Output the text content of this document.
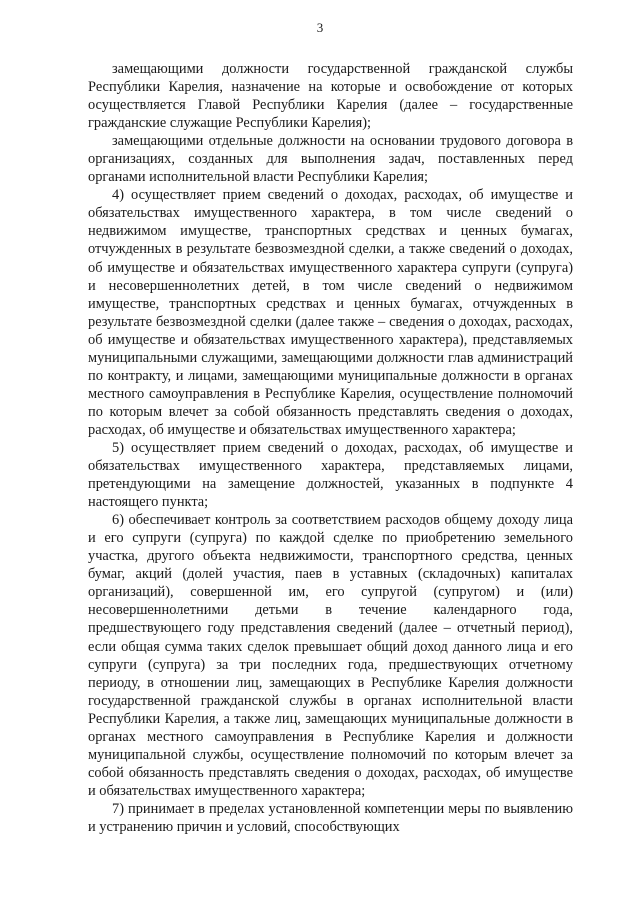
3

замещающими должности государственной гражданской службы Республики Карелия, назначение на которые и освобождение от которых осуществляется Главой Республики Карелия (далее – государственные гражданские служащие Республики Карелия);

замещающими отдельные должности на основании трудового договора в организациях, созданных для выполнения задач, поставленных перед органами исполнительной власти Республики Карелия;

4) осуществляет прием сведений о доходах, расходах, об имуществе и обязательствах имущественного характера, в том числе сведений о недвижимом имуществе, транспортных средствах и ценных бумагах, отчужденных в результате безвозмездной сделки, а также сведений о доходах, об имуществе и обязательствах имущественного характера супруги (супруга) и несовершеннолетних детей, в том числе сведений о недвижимом имуществе, транспортных средствах и ценных бумагах, отчужденных в результате безвозмездной сделки (далее также – сведения о доходах, расходах, об имуществе и обязательствах имущественного характера), представляемых муниципальными служащими, замещающими должности глав администраций по контракту, и лицами, замещающими муниципальные должности в органах местного самоуправления в Республике Карелия, осуществление полномочий по которым влечет за собой обязанность представлять сведения о доходах, расходах, об имуществе и обязательствах имущественного характера;

5) осуществляет прием сведений о доходах, расходах, об имуществе и обязательствах имущественного характера, представляемых лицами, претендующими на замещение должностей, указанных в подпункте 4 настоящего пункта;

6) обеспечивает контроль за соответствием расходов общему доходу лица и его супруги (супруга) по каждой сделке по приобретению земельного участка, другого объекта недвижимости, транспортного средства, ценных бумаг, акций (долей участия, паев в уставных (складочных) капиталах организаций), совершенной им, его супругой (супругом) и (или) несовершеннолетними детьми в течение календарного года, предшествующего году представления сведений (далее – отчетный период), если общая сумма таких сделок превышает общий доход данного лица и его супруги (супруга) за три последних года, предшествующих отчетному периоду, в отношении лиц, замещающих в Республике Карелия должности государственной гражданской службы в органах исполнительной власти Республики Карелия, а также лиц, замещающих муниципальные должности в органах местного самоуправления в Республике Карелия и должности муниципальной службы, осуществление полномочий по которым влечет за собой обязанность представлять сведения о доходах, расходах, об имуществе и обязательствах имущественного характера;

7) принимает в пределах установленной компетенции меры по выявлению и устранению причин и условий, способствующих
